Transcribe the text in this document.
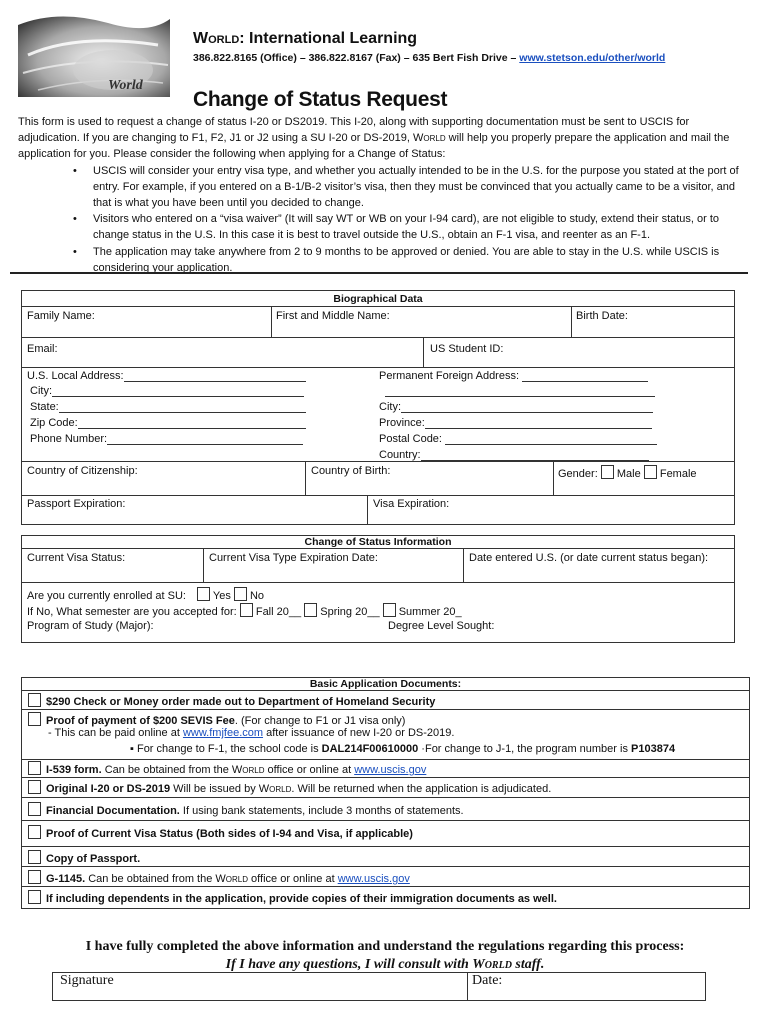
World
World: International Learning
386.822.8165 (Office) – 386.822.8167 (Fax) – 635 Bert Fish Drive – www.stetson.edu/other/world
Change of Status Request

This form is used to request a change of status I-20 or DS2019. This I-20, along with supporting documentation must be sent to USCIS for adjudication. If you are changing to F1, F2, J1 or J2 using a SU I-20 or DS-2019, World will help you properly prepare the application and mail the application for you. Please consider the following when applying for a Change of Status:

• USCIS will consider your entry visa type, and whether you actually intended to be in the U.S. for the purpose you stated at the port of entry. For example, if you entered on a B-1/B-2 visitor’s visa, then they must be convinced that you actually came to be a visitor, and that is what you have been until you decided to change.
• Visitors who entered on a “visa waiver” (It will say WT or WB on your I-94 card), are not eligible to study, extend their status, or to change status in the U.S. In this case it is best to travel outside the U.S., obtain an F-1 visa, and reenter as an F-1.
• The application may take anywhere from 2 to 9 months to be approved or denied. You are able to stay in the U.S. while USCIS is considering your application.
Biographical Data
Family Name:	First and Middle Name:	Birth Date:
Email:	US Student ID:
U.S. Local Address:
City:
State:
Zip Code:
Phone Number:
Permanent Foreign Address:
City:
Province:
Postal Code:
Country:
Country of Citizenship:	Country of Birth:	Gender: Male Female
Passport Expiration:	Visa Expiration:
Change of Status Information
Current Visa Status:	Current Visa Type Expiration Date:	Date entered U.S. (or date current status began):
Are you currently enrolled at SU: Yes No
If No, What semester are you accepted for: Fall 20__ Spring 20__ Summer 20_
Program of Study (Major):	Degree Level Sought:
Basic Application Documents:
$290 Check or Money order made out to Department of Homeland Security
Proof of payment of $200 SEVIS Fee. (For change to F1 or J1 visa only)
- This can be paid online at www.fmjfee.com after issuance of new I-20 or DS-2019.
▪ For change to F-1, the school code is DAL214F00610000 ·For change to J-1, the program number is P103874
I-539 form. Can be obtained from the World office or online at www.uscis.gov
Original I-20 or DS-2019 Will be issued by World. Will be returned when the application is adjudicated.
Financial Documentation. If using bank statements, include 3 months of statements.
Proof of Current Visa Status (Both sides of I-94 and Visa, if applicable)
Copy of Passport.
G-1145. Can be obtained from the World office or online at www.uscis.gov
If including dependents in the application, provide copies of their immigration documents as well.
I have fully completed the above information and understand the regulations regarding this process:
If I have any questions, I will consult with World staff.
Signature	Date:
